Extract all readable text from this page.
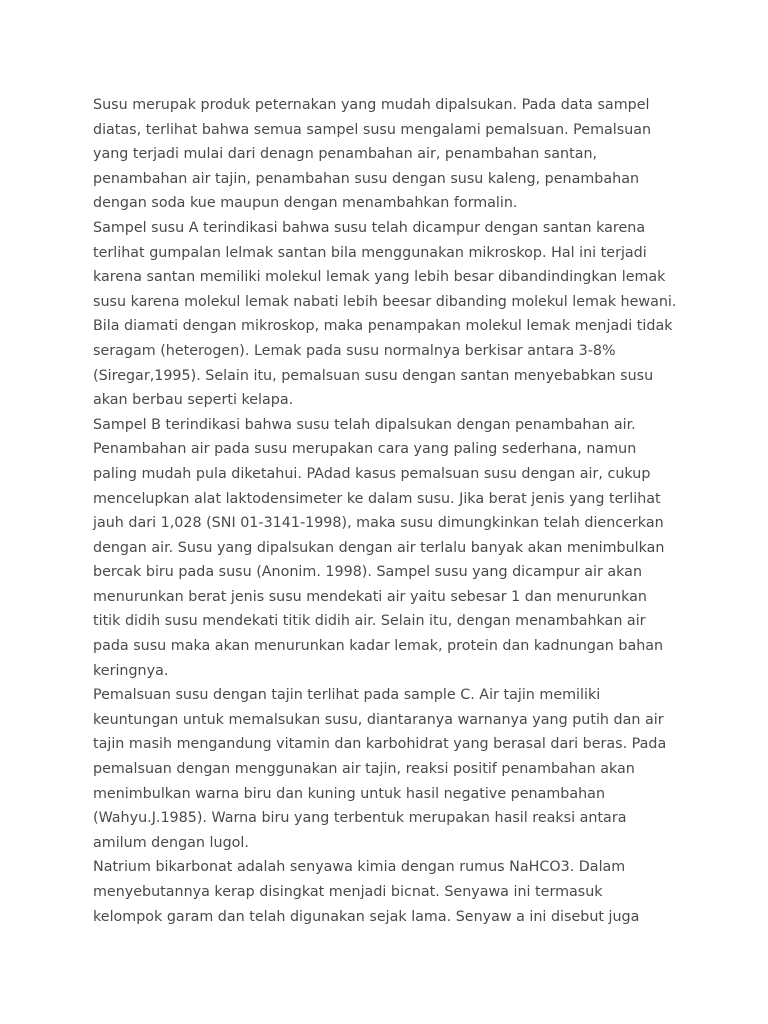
Susu merupak produk peternakan yang mudah dipalsukan. Pada data sampel
diatas, terlihat bahwa semua sampel susu mengalami pemalsuan. Pemalsuan
yang terjadi mulai dari denagn penambahan air, penambahan santan,
penambahan air tajin, penambahan susu dengan susu kaleng, penambahan
dengan soda kue maupun dengan menambahkan formalin.
Sampel susu A terindikasi bahwa susu telah dicampur dengan santan karena
terlihat gumpalan lelmak santan bila menggunakan mikroskop. Hal ini terjadi
karena santan memiliki molekul lemak yang lebih besar dibandindingkan lemak
susu karena molekul lemak nabati lebih beesar dibanding molekul lemak hewani.
Bila diamati dengan mikroskop, maka penampakan molekul lemak menjadi tidak
seragam (heterogen). Lemak pada susu normalnya berkisar antara 3-8%
(Siregar,1995). Selain itu, pemalsuan susu dengan santan menyebabkan susu
akan berbau seperti kelapa.
Sampel B terindikasi bahwa susu telah dipalsukan dengan penambahan air.
Penambahan air pada susu merupakan cara yang paling sederhana, namun
paling mudah pula diketahui. PAdad kasus pemalsuan susu dengan air, cukup
mencelupkan alat laktodensimeter ke dalam susu. Jika berat jenis yang terlihat
jauh dari 1,028 (SNI 01-3141-1998), maka susu dimungkinkan telah diencerkan
dengan air. Susu yang dipalsukan dengan air terlalu banyak akan menimbulkan
bercak biru pada susu (Anonim. 1998). Sampel susu yang dicampur air akan
menurunkan berat jenis susu mendekati air yaitu sebesar 1 dan menurunkan
titik didih susu mendekati titik didih air. Selain itu, dengan menambahkan air
pada susu maka akan menurunkan kadar lemak, protein dan kadnungan bahan
keringnya.
Pemalsuan susu dengan tajin terlihat pada sample C. Air tajin memiliki
keuntungan untuk memalsukan susu, diantaranya warnanya yang putih dan air
tajin masih mengandung vitamin dan karbohidrat yang berasal dari beras. Pada
pemalsuan dengan menggunakan air tajin, reaksi positif penambahan akan
menimbulkan warna biru dan kuning untuk hasil negative penambahan
(Wahyu.J.1985). Warna biru yang terbentuk merupakan hasil reaksi antara
amilum dengan lugol.
Natrium bikarbonat adalah senyawa kimia dengan rumus NaHCO3. Dalam
menyebutannya kerap disingkat menjadi bicnat. Senyawa ini termasuk
kelompok garam dan telah digunakan sejak lama. Senyaw a ini disebut juga
